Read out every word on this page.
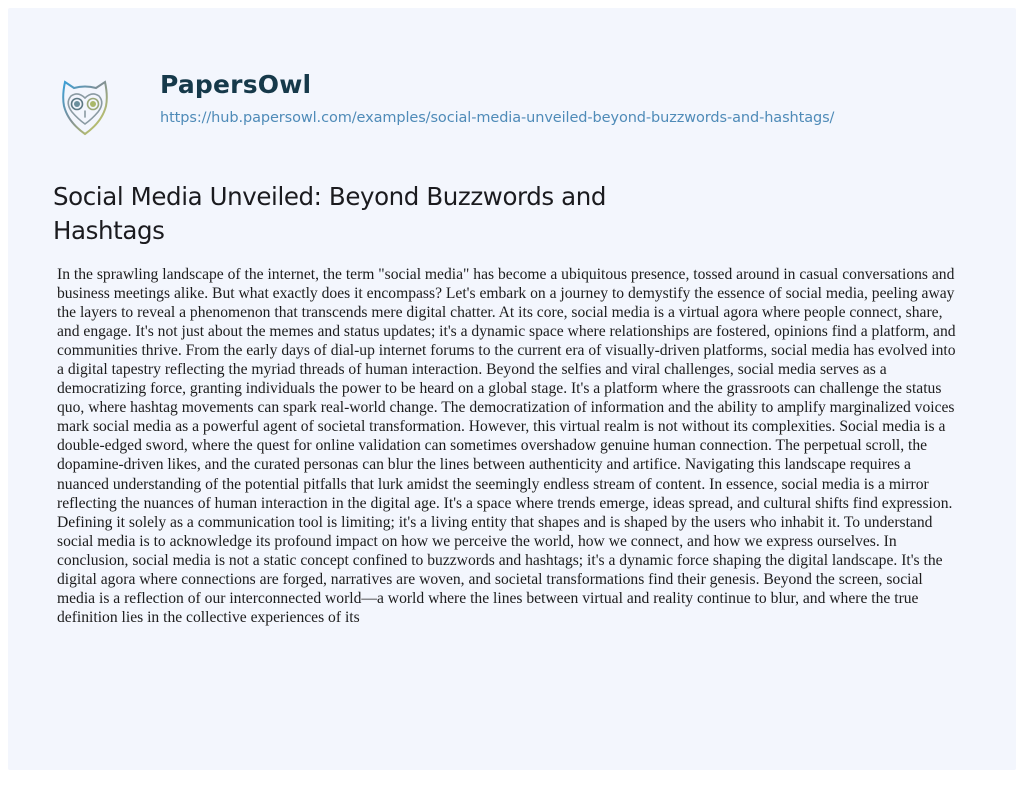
PapersOwl
https://hub.papersowl.com/examples/social-media-unveiled-beyond-buzzwords-and-hashtags/
Social Media Unveiled: Beyond Buzzwords and
Hashtags
In the sprawling landscape of the internet, the term "social media" has become a ubiquitous presence, tossed around in casual conversations and
business meetings alike. But what exactly does it encompass? Let's embark on a journey to demystify the essence of social media, peeling away
the layers to reveal a phenomenon that transcends mere digital chatter. At its core, social media is a virtual agora where people connect, share,
and engage. It's not just about the memes and status updates; it's a dynamic space where relationships are fostered, opinions find a platform, and
communities thrive. From the early days of dial-up internet forums to the current era of visually-driven platforms, social media has evolved into
a digital tapestry reflecting the myriad threads of human interaction. Beyond the selfies and viral challenges, social media serves as a
democratizing force, granting individuals the power to be heard on a global stage. It's a platform where the grassroots can challenge the status
quo, where hashtag movements can spark real-world change. The democratization of information and the ability to amplify marginalized voices
mark social media as a powerful agent of societal transformation. However, this virtual realm is not without its complexities. Social media is a
double-edged sword, where the quest for online validation can sometimes overshadow genuine human connection. The perpetual scroll, the
dopamine-driven likes, and the curated personas can blur the lines between authenticity and artifice. Navigating this landscape requires a
nuanced understanding of the potential pitfalls that lurk amidst the seemingly endless stream of content. In essence, social media is a mirror
reflecting the nuances of human interaction in the digital age. It's a space where trends emerge, ideas spread, and cultural shifts find expression.
Defining it solely as a communication tool is limiting; it's a living entity that shapes and is shaped by the users who inhabit it. To understand
social media is to acknowledge its profound impact on how we perceive the world, how we connect, and how we express ourselves. In
conclusion, social media is not a static concept confined to buzzwords and hashtags; it's a dynamic force shaping the digital landscape. It's the
digital agora where connections are forged, narratives are woven, and societal transformations find their genesis. Beyond the screen, social
media is a reflection of our interconnected world—a world where the lines between virtual and reality continue to blur, and where the true
definition lies in the collective experiences of its
